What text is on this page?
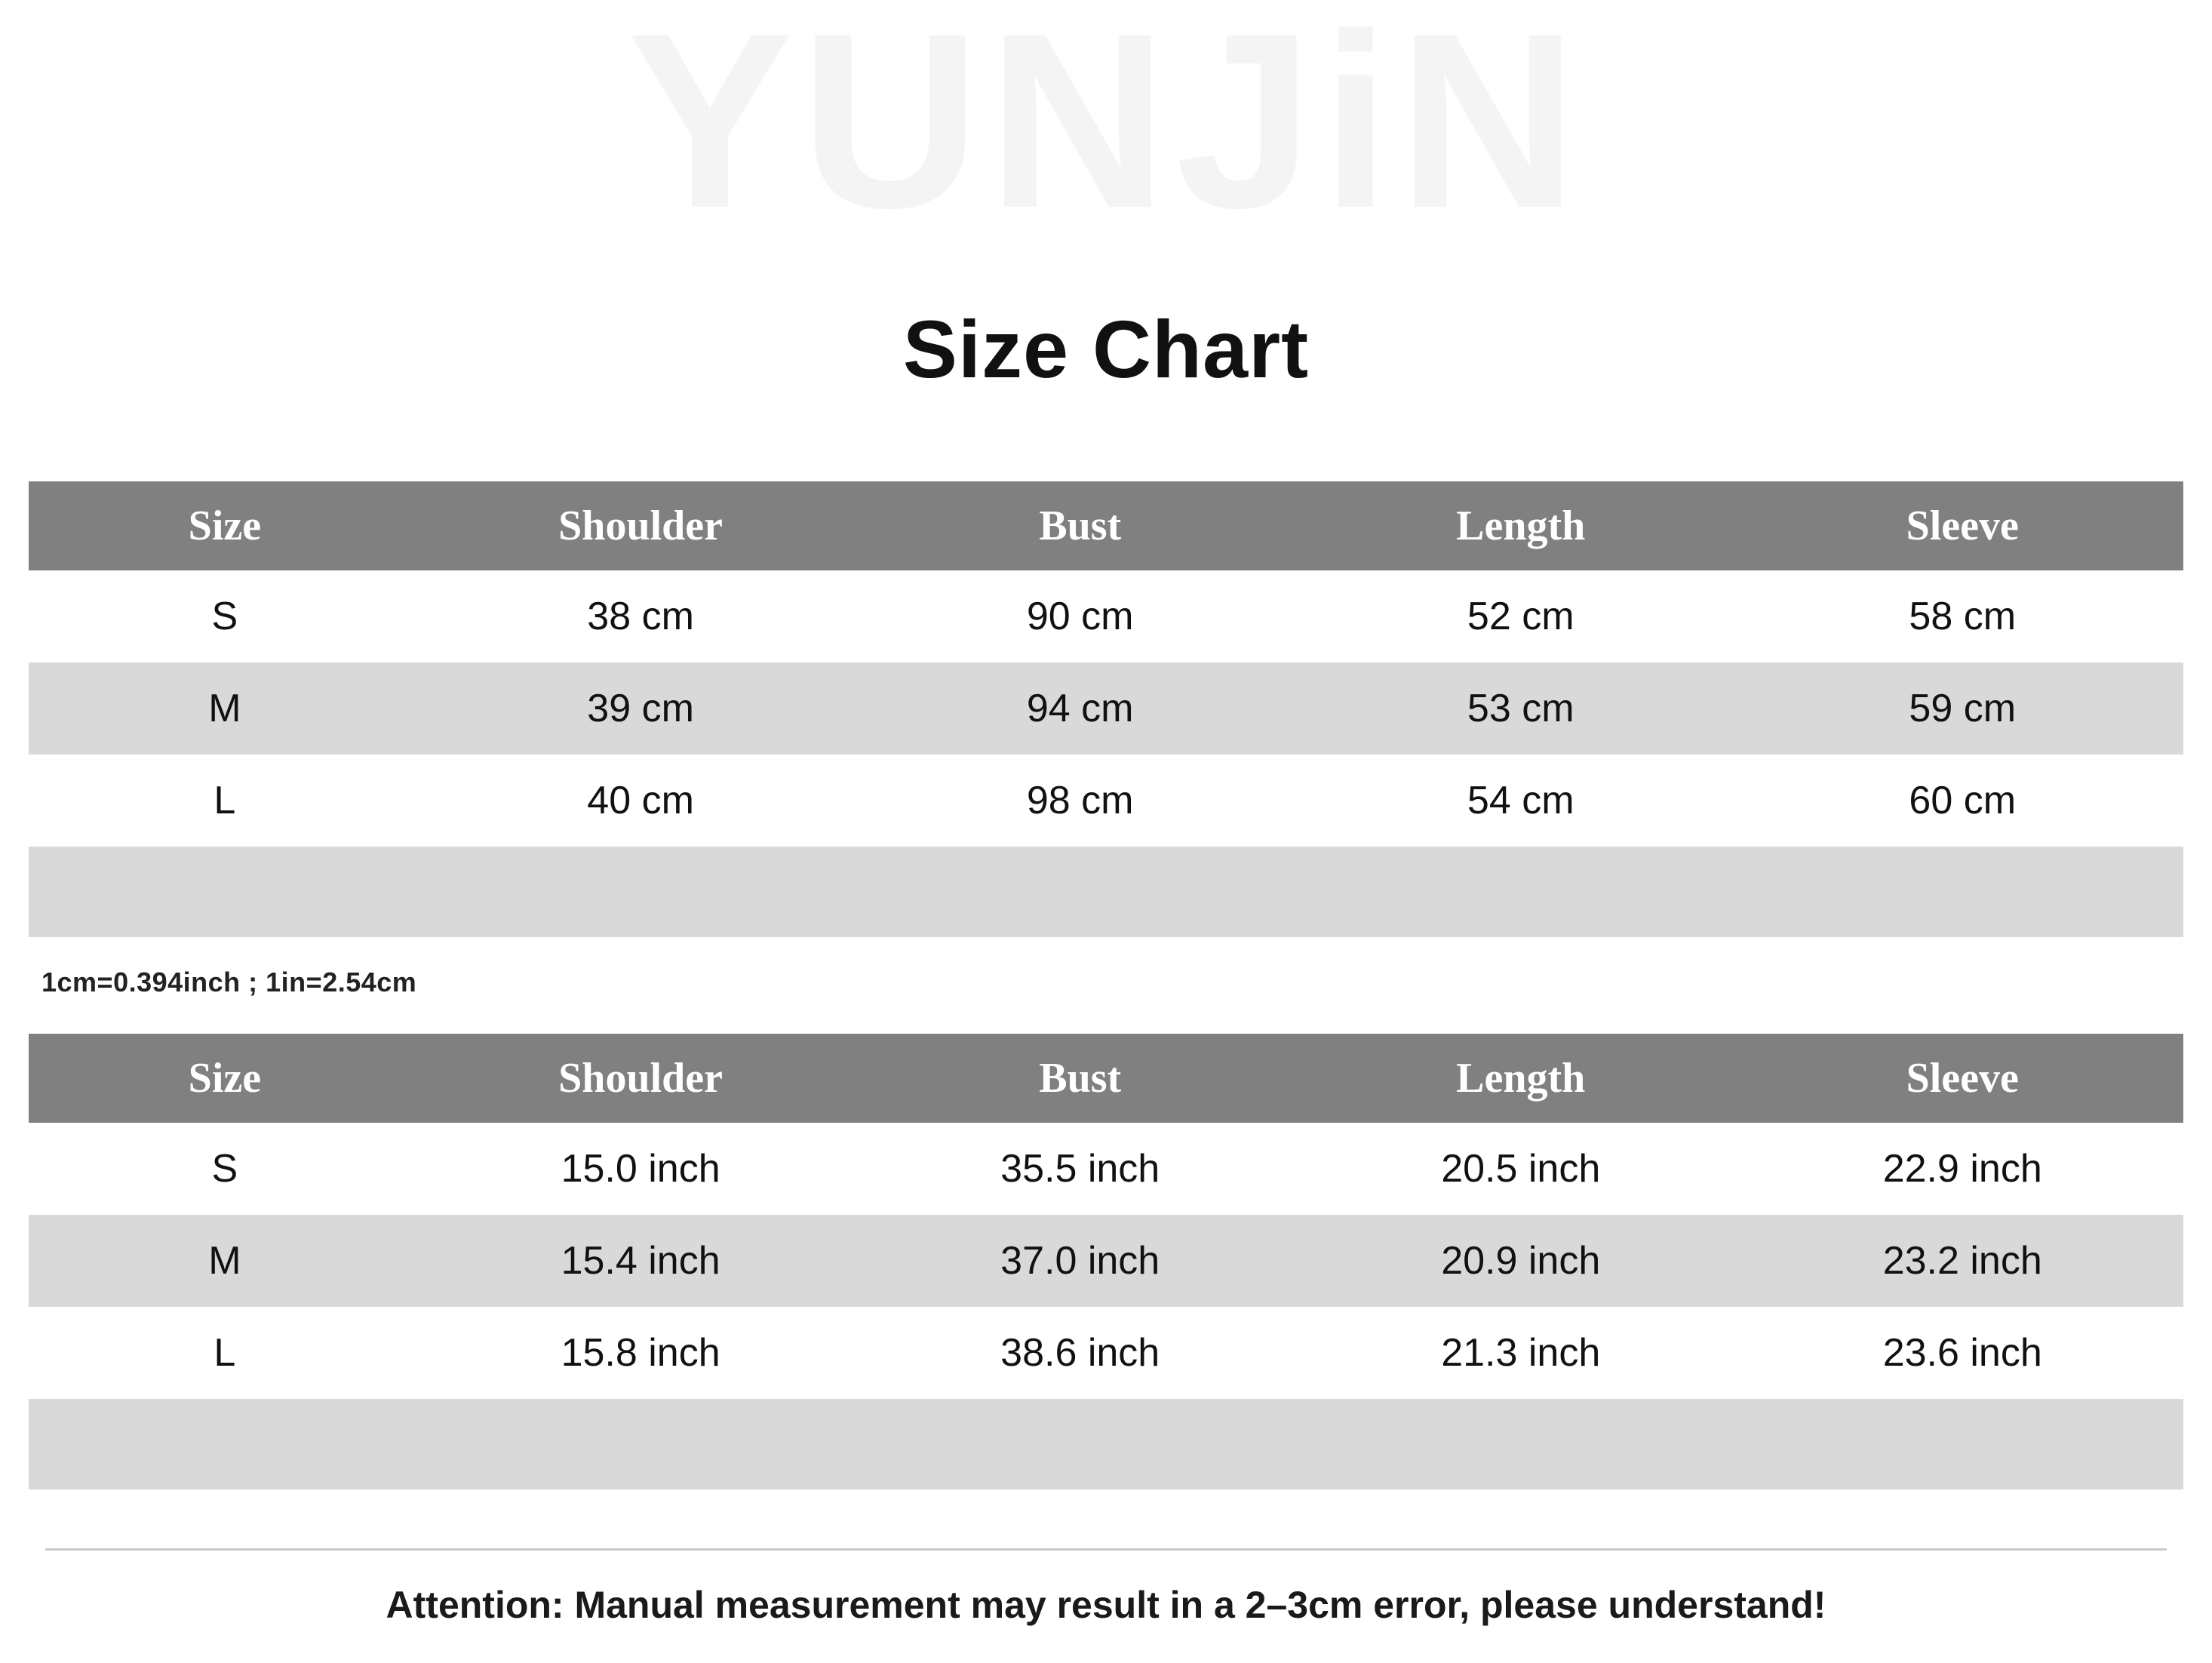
YUNJiN
Size Chart
Size	Shoulder	Bust	Length	Sleeve
S	38 cm	90 cm	52 cm	58 cm
M	39 cm	94 cm	53 cm	59 cm
L	40 cm	98 cm	54 cm	60 cm

1cm=0.394inch ; 1in=2.54cm
Size	Shoulder	Bust	Length	Sleeve
S	15.0 inch	35.5 inch	20.5 inch	22.9 inch
M	15.4 inch	37.0 inch	20.9 inch	23.2 inch
L	15.8 inch	38.6 inch	21.3 inch	23.6 inch

Attention: Manual measurement may result in a 2–3cm error, please understand!
